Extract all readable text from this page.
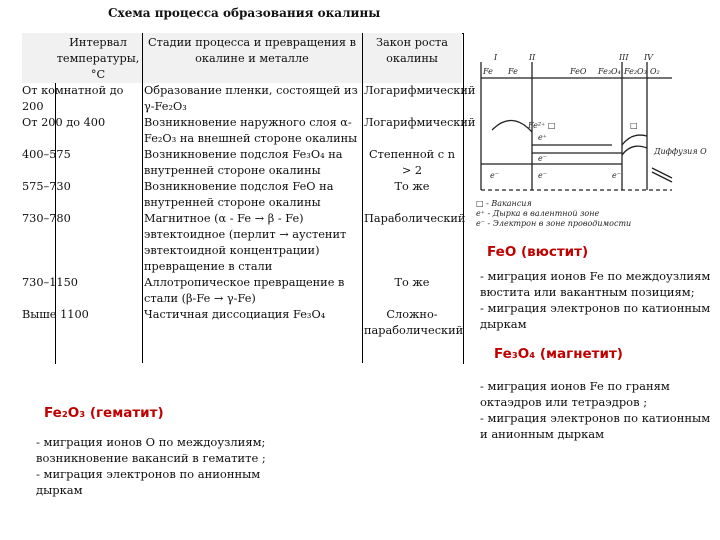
Схема процесса образования окалины
Интервал температуры, °С	Стадии процесса и превращения в окалине и металле	Закон роста окалины
От комнатной до 200	Образование пленки, состоящей из γ-Fe₂O₃	Логарифмический
От 200 до 400	Возникновение наружного слоя α-Fe₂O₃ на внешней стороне окалины	Логарифмический
400–575	Возникновение подслоя Fe₃O₄ на внутренней стороне окалины	Степенной с n > 2
575–730	Возникновение подслоя FeO на внутренней стороне окалины	То же
730–780	Магнитное (α - Fe → β - Fe) эвтектоидное (перлит → аустенит эвтектоидной концентрации) превращение в стали	Параболический
730–1150	Аллотропическое превращение в стали (β-Fe → γ-Fe)	То же
Выше 1100	Частичная диссоциация Fe₃O₄	Сложно-параболический
I	II	III IV
Fe Fe	FeO Fe₃O₄ Fe₂O₃ O₂
Диффузия O
Fe²⁺ □
e⁺
e⁻
□
e⁻	e⁻	e⁻
□ - Вакансия
e⁺ - Дырка в валентной зоне
e⁻ - Электрон в зоне проводимости
FeO (вюстит)

- миграция ионов Fe по междоузлиям вюстита или вакантным позициям;

- миграция электронов по катионным дыркам

Fe₃O₄ (магнетит)

- миграция ионов Fe по граням октаэдров или тетраэдров ;

- миграция электронов по катионным и анионным дыркам

Fe₂O₃ (гематит)

- миграция ионов О по междоузлиям; возникновение вакансий в гематите ;

- миграция электронов по анионным дыркам
